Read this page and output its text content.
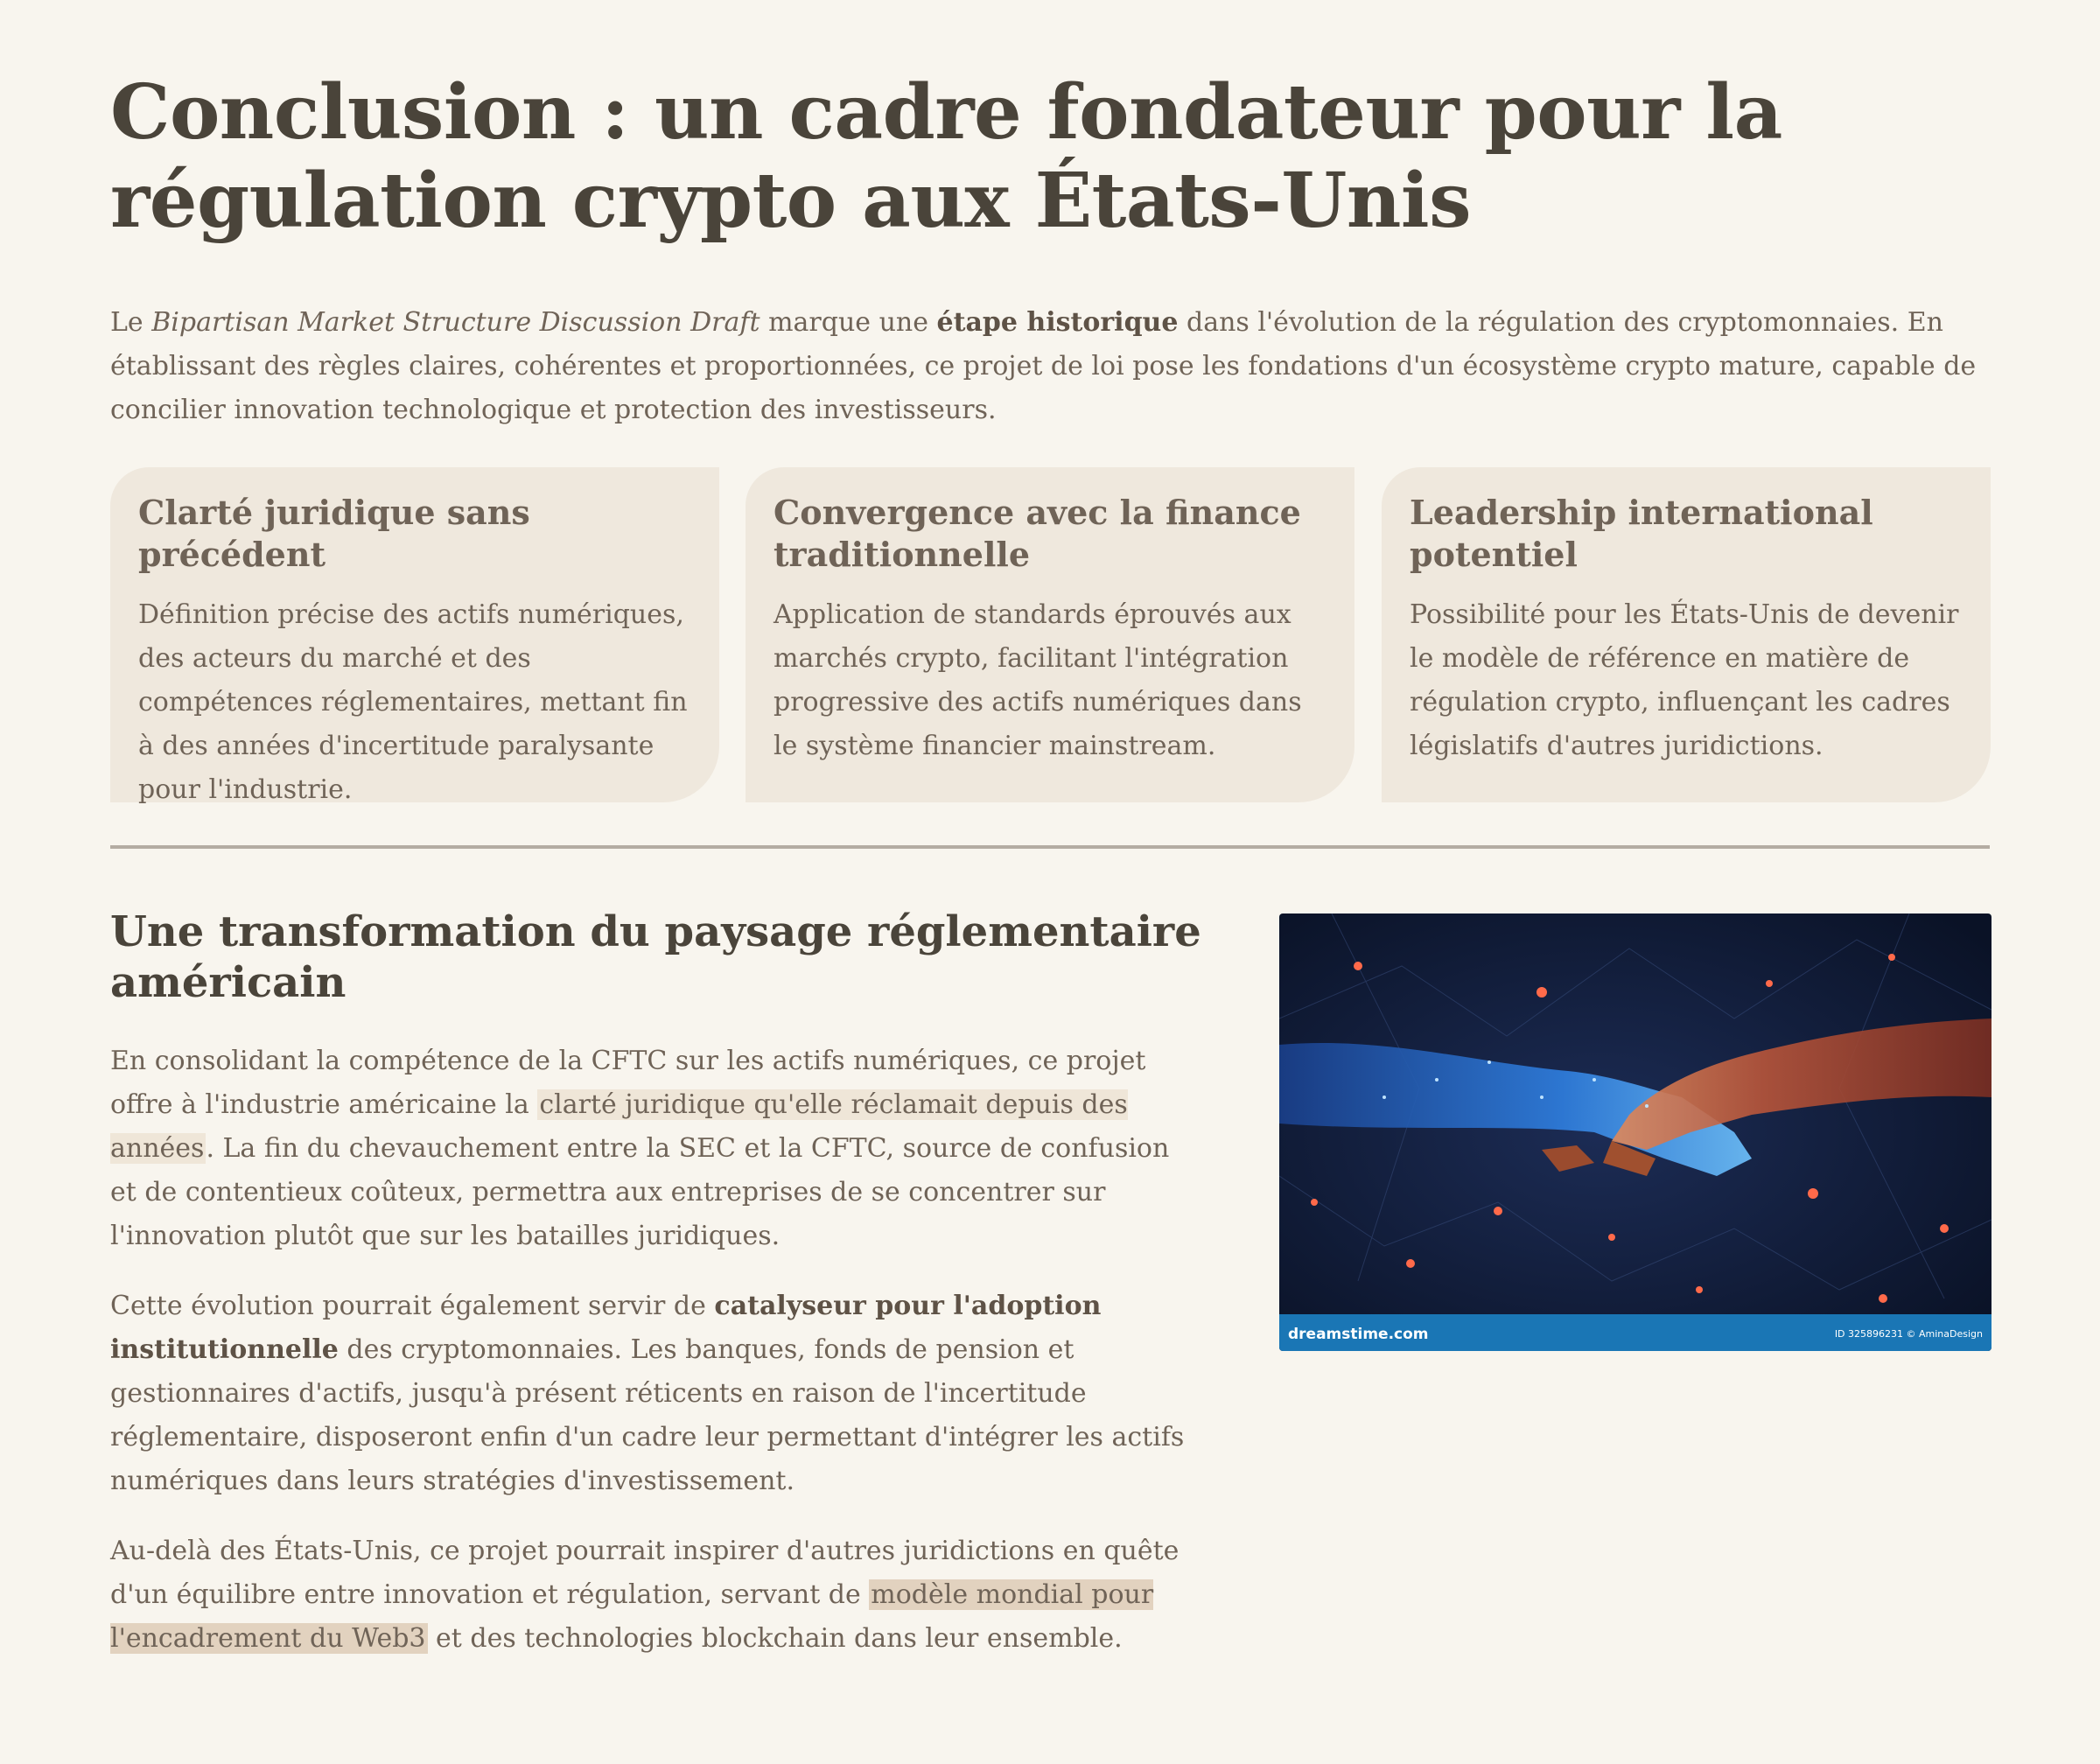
Conclusion : un cadre fondateur pour la régulation crypto aux États-Unis

Le Bipartisan Market Structure Discussion Draft marque une étape historique dans l'évolution de la régulation des cryptomonnaies. En établissant des règles claires, cohérentes et proportionnées, ce projet de loi pose les fondations d'un écosystème crypto mature, capable de concilier innovation technologique et protection des investisseurs.

Clarté juridique sans précédent

Définition précise des actifs numériques, des acteurs du marché et des compétences réglementaires, mettant fin à des années d'incertitude paralysante pour l'industrie.

Convergence avec la finance traditionnelle

Application de standards éprouvés aux marchés crypto, facilitant l'intégration progressive des actifs numériques dans le système financier mainstream.

Leadership international potentiel

Possibilité pour les États-Unis de devenir le modèle de référence en matière de régulation crypto, influençant les cadres législatifs d'autres juridictions.

Une transformation du paysage réglementaire américain

En consolidant la compétence de la CFTC sur les actifs numériques, ce projet offre à l'industrie américaine la clarté juridique qu'elle réclamait depuis des années. La fin du chevauchement entre la SEC et la CFTC, source de confusion et de contentieux coûteux, permettra aux entreprises de se concentrer sur l'innovation plutôt que sur les batailles juridiques.

Cette évolution pourrait également servir de catalyseur pour l'adoption institutionnelle des cryptomonnaies. Les banques, fonds de pension et gestionnaires d'actifs, jusqu'à présent réticents en raison de l'incertitude réglementaire, disposeront enfin d'un cadre leur permettant d'intégrer les actifs numériques dans leurs stratégies d'investissement.

Au-delà des États-Unis, ce projet pourrait inspirer d'autres juridictions en quête d'un équilibre entre innovation et régulation, servant de modèle mondial pour l'encadrement du Web3 et des technologies blockchain dans leur ensemble.

dreamstime.com	ID 325896231 © AminaDesign
